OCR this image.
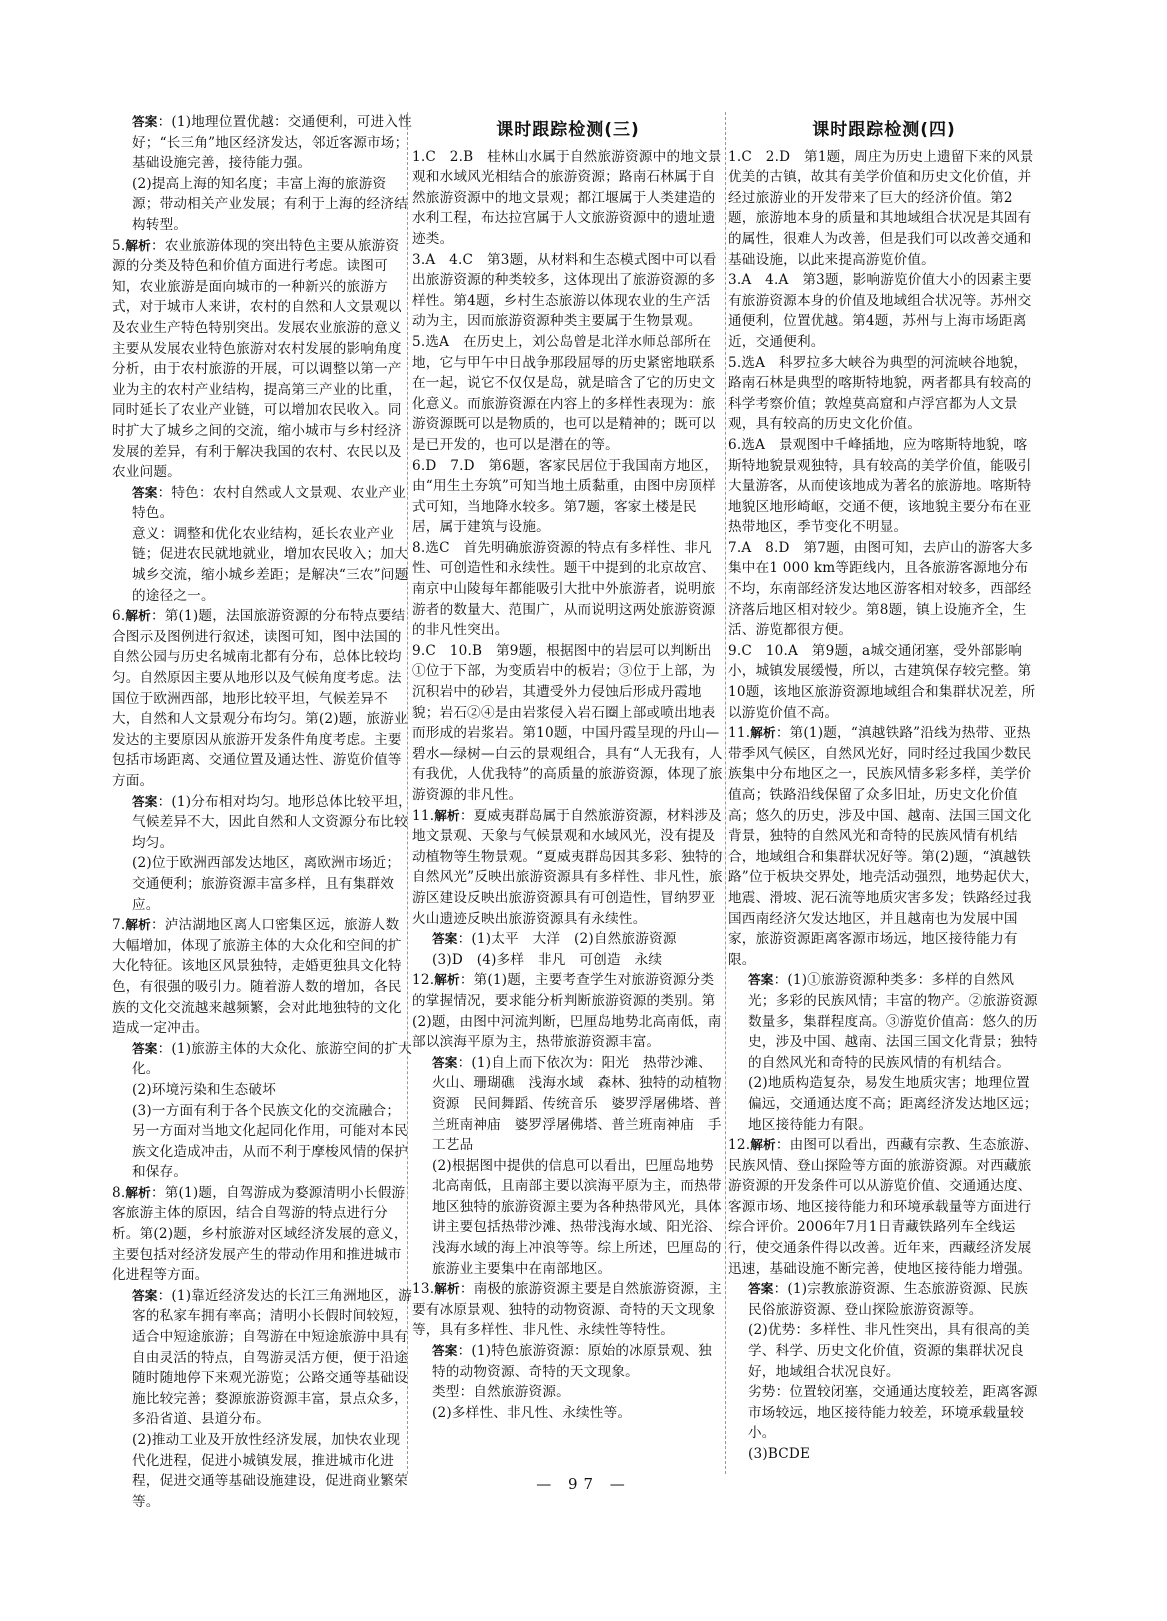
答案：(1)地理位置优越：交通便利，可进入性好；“长三角”地区经济发达，邻近客源市场；基础设施完善，接待能力强。
(2)提高上海的知名度；丰富上海的旅游资源；带动相关产业发展；有利于上海的经济结构转型。
5.解析：农业旅游体现的突出特色主要从旅游资源的分类及特色和价值方面进行考虑。读图可知，农业旅游是面向城市的一种新兴的旅游方式，对于城市人来讲，农村的自然和人文景观以及农业生产特色特别突出。发展农业旅游的意义主要从发展农业特色旅游对农村发展的影响角度分析，由于农村旅游的开展，可以调整以第一产业为主的农村产业结构，提高第三产业的比重，同时延长了农业产业链，可以增加农民收入。同时扩大了城乡之间的交流，缩小城市与乡村经济发展的差异，有利于解决我国的农村、农民以及农业问题。
答案：特色：农村自然或人文景观、农业产业特色。
意义：调整和优化农业结构，延长农业产业链；促进农民就地就业，增加农民收入；加大城乡交流，缩小城乡差距；是解决“三农”问题的途径之一。
6.解析：第(1)题，法国旅游资源的分布特点要结合图示及图例进行叙述，读图可知，图中法国的自然公园与历史名城南北都有分布，总体比较均匀。自然原因主要从地形以及气候角度考虑。法国位于欧洲西部，地形比较平坦，气候差异不大，自然和人文景观分布均匀。第(2)题，旅游业发达的主要原因从旅游开发条件角度考虑。主要包括市场距离、交通位置及通达性、游览价值等方面。
答案：(1)分布相对均匀。地形总体比较平坦，气候差异不大，因此自然和人文资源分布比较均匀。
(2)位于欧洲西部发达地区，离欧洲市场近；交通便利；旅游资源丰富多样，且有集群效应。
7.解析：泸沽湖地区离人口密集区远，旅游人数大幅增加，体现了旅游主体的大众化和空间的扩大化特征。该地区风景独特，走婚更独具文化特色，有很强的吸引力。随着游人数的增加，各民族的文化交流越来越频繁，会对此地独特的文化造成一定冲击。
答案：(1)旅游主体的大众化、旅游空间的扩大化。
(2)环境污染和生态破坏
(3)一方面有利于各个民族文化的交流融合；另一方面对当地文化起同化作用，可能对本民族文化造成冲击，从而不利于摩梭风情的保护和保存。
8.解析：第(1)题，自驾游成为婺源清明小长假游客旅游主体的原因，结合自驾游的特点进行分析。第(2)题，乡村旅游对区域经济发展的意义，主要包括对经济发展产生的带动作用和推进城市化进程等方面。
答案：(1)靠近经济发达的长江三角洲地区，游客的私家车拥有率高；清明小长假时间较短，适合中短途旅游；自驾游在中短途旅游中具有自由灵活的特点，自驾游灵活方便，便于沿途随时随地停下来观光游览；公路交通等基础设施比较完善；婺源旅游资源丰富，景点众多，多沿省道、县道分布。
(2)推动工业及开放性经济发展，加快农业现代化进程，促进小城镇发展，推进城市化进程，促进交通等基础设施建设，促进商业繁荣等。
课时跟踪检测(三)
1.C　2.B　桂林山水属于自然旅游资源中的地文景观和水域风光相结合的旅游资源；路南石林属于自然旅游资源中的地文景观；都江堰属于人类建造的水利工程，布达拉宫属于人文旅游资源中的遗址遗迹类。
3.A　4.C　第3题，从材料和生态模式图中可以看出旅游资源的种类较多，这体现出了旅游资源的多样性。第4题，乡村生态旅游以体现农业的生产活动为主，因而旅游资源种类主要属于生物景观。
5.选A　在历史上，刘公岛曾是北洋水师总部所在地，它与甲午中日战争那段屈辱的历史紧密地联系在一起，说它不仅仅是岛，就是暗含了它的历史文化意义。而旅游资源在内容上的多样性表现为：旅游资源既可以是物质的，也可以是精神的；既可以是已开发的，也可以是潜在的等。
6.D　7.D　第6题，客家民居位于我国南方地区，由“用生土夯筑”可知当地土质黏重，由图中房顶样式可知，当地降水较多。第7题，客家土楼是民居，属于建筑与设施。
8.选C　首先明确旅游资源的特点有多样性、非凡性、可创造性和永续性。题干中提到的北京故宫、南京中山陵每年都能吸引大批中外旅游者，说明旅游者的数量大、范围广，从而说明这两处旅游资源的非凡性突出。
9.C　10.B　第9题，根据图中的岩层可以判断出①位于下部，为变质岩中的板岩；③位于上部，为沉积岩中的砂岩，其遭受外力侵蚀后形成丹霞地貌；岩石②④是由岩浆侵入岩石圈上部或喷出地表而形成的岩浆岩。第10题，中国丹霞呈现的丹山—碧水—绿树—白云的景观组合，具有“人无我有，人有我优，人优我特”的高质量的旅游资源，体现了旅游资源的非凡性。
11.解析：夏威夷群岛属于自然旅游资源，材料涉及地文景观、天象与气候景观和水域风光，没有提及动植物等生物景观。“夏威夷群岛因其多彩、独特的自然风光”反映出旅游资源具有多样性、非凡性，旅游区建设反映出旅游资源具有可创造性，冒纳罗亚火山遗迹反映出旅游资源具有永续性。
答案：(1)太平　大洋　(2)自然旅游资源
(3)D　(4)多样　非凡　可创造　永续
12.解析：第(1)题，主要考查学生对旅游资源分类的掌握情况，要求能分析判断旅游资源的类别。第(2)题，由图中河流判断，巴厘岛地势北高南低，南部以滨海平原为主，热带旅游资源丰富。
答案：(1)自上而下依次为：阳光　热带沙滩、火山、珊瑚礁　浅海水域　森林、独特的动植物资源　民间舞蹈、传统音乐　婆罗浮屠佛塔、普兰班南神庙　婆罗浮屠佛塔、普兰班南神庙　手工艺品
(2)根据图中提供的信息可以看出，巴厘岛地势北高南低，且南部主要以滨海平原为主，而热带地区独特的旅游资源主要为各种热带风光，具体讲主要包括热带沙滩、热带浅海水域、阳光浴、浅海水域的海上冲浪等等。综上所述，巴厘岛的旅游业主要集中在南部地区。
13.解析：南极的旅游资源主要是自然旅游资源，主要有冰原景观、独特的动物资源、奇特的天文现象等，具有多样性、非凡性、永续性等特性。
答案：(1)特色旅游资源：原始的冰原景观、独特的动物资源、奇特的天文现象。
类型：自然旅游资源。
(2)多样性、非凡性、永续性等。
课时跟踪检测(四)
1.C　2.D　第1题，周庄为历史上遗留下来的风景优美的古镇，故其有美学价值和历史文化价值，并经过旅游业的开发带来了巨大的经济价值。第2题，旅游地本身的质量和其地域组合状况是其固有的属性，很难人为改善，但是我们可以改善交通和基础设施，以此来提高游览价值。
3.A　4.A　第3题，影响游览价值大小的因素主要有旅游资源本身的价值及地域组合状况等。苏州交通便利，位置优越。第4题，苏州与上海市场距离近，交通便利。
5.选A　科罗拉多大峡谷为典型的河流峡谷地貌，路南石林是典型的喀斯特地貌，两者都具有较高的科学考察价值；敦煌莫高窟和卢浮宫都为人文景观，具有较高的历史文化价值。
6.选A　景观图中千峰插地，应为喀斯特地貌，喀斯特地貌景观独特，具有较高的美学价值，能吸引大量游客，从而使该地成为著名的旅游地。喀斯特地貌区地形崎岖，交通不便，该地貌主要分布在亚热带地区，季节变化不明显。
7.A　8.D　第7题，由图可知，去庐山的游客大多集中在1 000 km等距线内，且各旅游客源地分布不均，东南部经济发达地区游客相对较多，西部经济落后地区相对较少。第8题，镇上设施齐全，生活、游览都很方便。
9.C　10.A　第9题，a城交通闭塞，受外部影响小，城镇发展缓慢，所以，古建筑保存较完整。第10题，该地区旅游资源地域组合和集群状况差，所以游览价值不高。
11.解析：第(1)题，“滇越铁路”沿线为热带、亚热带季风气候区，自然风光好，同时经过我国少数民族集中分布地区之一，民族风情多彩多样，美学价值高；铁路沿线保留了众多旧址，历史文化价值高；悠久的历史，涉及中国、越南、法国三国文化背景，独特的自然风光和奇特的民族风情有机结合，地域组合和集群状况好等。第(2)题，“滇越铁路”位于板块交界处，地壳活动强烈，地势起伏大，地震、滑坡、泥石流等地质灾害多发；铁路经过我国西南经济欠发达地区，并且越南也为发展中国家，旅游资源距离客源市场远，地区接待能力有限。
答案：(1)①旅游资源种类多：多样的自然风光；多彩的民族风情；丰富的物产。②旅游资源数量多，集群程度高。③游览价值高：悠久的历史，涉及中国、越南、法国三国文化背景；独特的自然风光和奇特的民族风情的有机结合。
(2)地质构造复杂，易发生地质灾害；地理位置偏远，交通通达度不高；距离经济发达地区远；地区接待能力有限。
12.解析：由图可以看出，西藏有宗教、生态旅游、民族风情、登山探险等方面的旅游资源。对西藏旅游资源的开发条件可以从游览价值、交通通达度、客源市场、地区接待能力和环境承载量等方面进行综合评价。2006年7月1日青藏铁路列车全线运行，使交通条件得以改善。近年来，西藏经济发展迅速，基础设施不断完善，使地区接待能力增强。
答案：(1)宗教旅游资源、生态旅游资源、民族民俗旅游资源、登山探险旅游资源等。
(2)优势：多样性、非凡性突出，具有很高的美学、科学、历史文化价值，资源的集群状况良好，地域组合状况良好。
劣势：位置较闭塞，交通通达度较差，距离客源市场较远，地区接待能力较差，环境承载量较小。
(3)BCDE
— 97 —
